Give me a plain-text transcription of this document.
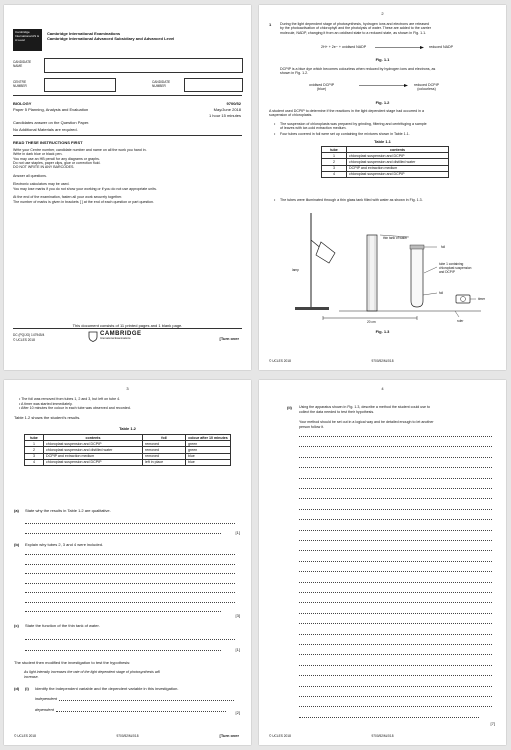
Cambridge International AS & A Level
Cambridge International Examinations
Cambridge International Advanced Subsidiary and Advanced Level
CANDIDATE NAME
CENTRE NUMBER
CANDIDATE NUMBER
BIOLOGY	9700/52
Paper 5 Planning, Analysis and Evaluation	May/June 2018
1 hour 15 minutes
Candidates answer on the Question Paper.
No Additional Materials are required.
READ THESE INSTRUCTIONS FIRST
Write your Centre number, candidate number and name on all the work you hand in.
Write in dark blue or black pen.
You may use an HB pencil for any diagrams or graphs.
Do not use staples, paper clips, glue or correction fluid.
DO NOT WRITE IN ANY BARCODES.

Answer all questions.

Electronic calculators may be used.
You may lose marks if you do not show your working or if you do not use appropriate units.

At the end of the examination, fasten all your work securely together.
The number of marks is given in brackets [ ] at the end of each question or part question.
This document consists of 11 printed pages and 1 blank page.
DC (PQ/JG) 147945/4
© UCLES 2018
CAMBRIDGE
International Examinations	[Turn over
2
1 During the light dependent stage of photosynthesis, hydrogen ions and electrons are released
by the photoactivation of chlorophyll and the photolysis of water. These are added to the carrier
molecule, NADP, changing it from an oxidised state to a reduced state, as shown in Fig. 1.1.
2H+ + 2e− + oxidised NADP	reduced NADP
Fig. 1.1
DCPIP is a blue dye which becomes colourless when reduced by hydrogen ions and electrons, as
shown in Fig. 1.2.
oxidised DCPIP
(blue)
reduced DCPIP
(colourless)
Fig. 1.2
A student used DCPIP to determine if the reactions in the light dependent stage had occurred in a
suspension of chloroplasts.
• The suspension of chloroplasts was prepared by grinding, filtering and centrifuging a sample
of leaves with ice-cold extraction medium.
• Four tubes covered in foil were set up containing the mixtures shown in Table 1.1.
Table 1.1
tube	contents
1	chloroplast suspension and DCPIP
2	chloroplast suspension and distilled water
3	DCPIP and extraction medium
4	chloroplast suspension and DCPIP
• The tubes were illuminated through a thin glass tank filled with water as shown in Fig. 1.3.
thin tank of water
foil
lamp
tube 1 containing
chloroplast suspension
and DCPIP
foil
timer
20 cm	ruler
Fig. 1.3
© UCLES 2018	9700/52/M/J/18
3
• The foil was removed from tubes 1, 2 and 3, but left on tube 4.
• A timer was started immediately.
• After 10 minutes the colour in each tube was observed and recorded.
Table 1.2 shows the student's results.
Table 1.2
tube	contents	foil	colour after 10 minutes
1	chloroplast suspension and DCPIP	removed	green
2	chloroplast suspension and distilled water	removed	green
3	DCPIP and extraction medium	removed	blue
4	chloroplast suspension and DCPIP	left in place	blue
(a) State why the results in Table 1.2 are qualitative.
[1]
(b) Explain why tubes 2, 3 and 4 were included.
[3]
(c) State the function of the thin tank of water.
[1]
The student then modified the investigation to test the hypothesis:
As light intensity increases the rate of the light dependent stage of photosynthesis will
increase.
(d) (i) Identify the independent variable and the dependent variable in this investigation.
independent
dependent
[2]
© UCLES 2018	9700/52/M/J/18	[Turn over
4
(ii) Using the apparatus shown in Fig. 1.3, describe a method the student could use to
collect the data needed to test their hypothesis.
Your method should be set out in a logical way and be detailed enough to let another
person follow it.
[7]
© UCLES 2018	9700/52/M/J/18
